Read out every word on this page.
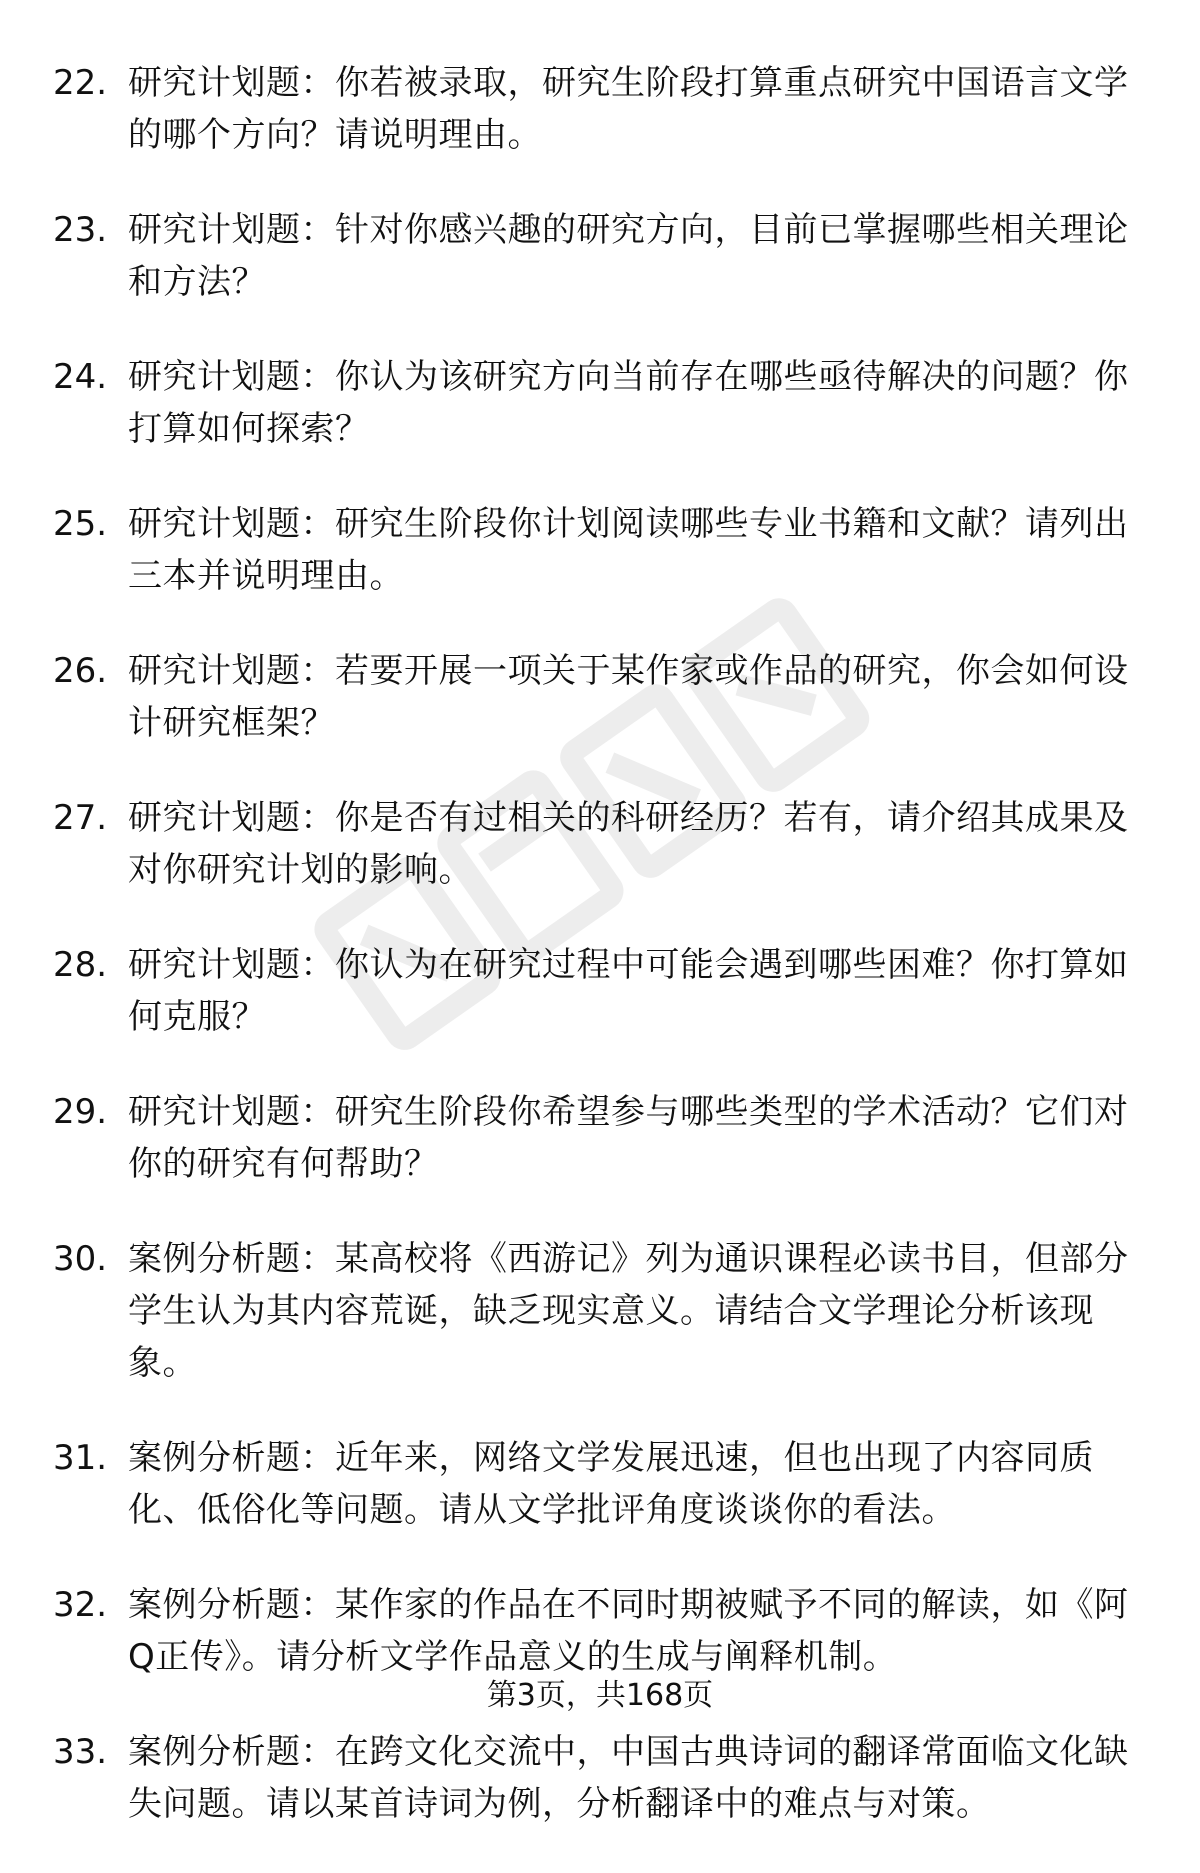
22. 研究计划题：你若被录取，研究生阶段打算重点研究中国语言文学的哪个方向？请说明理由。
23. 研究计划题：针对你感兴趣的研究方向，目前已掌握哪些相关理论和方法？
24. 研究计划题：你认为该研究方向当前存在哪些亟待解决的问题？你打算如何探索？
25. 研究计划题：研究生阶段你计划阅读哪些专业书籍和文献？请列出三本并说明理由。
26. 研究计划题：若要开展一项关于某作家或作品的研究，你会如何设计研究框架？
27. 研究计划题：你是否有过相关的科研经历？若有，请介绍其成果及对你研究计划的影响。
28. 研究计划题：你认为在研究过程中可能会遇到哪些困难？你打算如何克服？
29. 研究计划题：研究生阶段你希望参与哪些类型的学术活动？它们对你的研究有何帮助？
30. 案例分析题：某高校将《西游记》列为通识课程必读书目，但部分学生认为其内容荒诞，缺乏现实意义。请结合文学理论分析该现象。
31. 案例分析题：近年来，网络文学发展迅速，但也出现了内容同质化、低俗化等问题。请从文学批评角度谈谈你的看法。
32. 案例分析题：某作家的作品在不同时期被赋予不同的解读，如《阿Q正传》。请分析文学作品意义的生成与阐释机制。
33. 案例分析题：在跨文化交流中，中国古典诗词的翻译常面临文化缺失问题。请以某首诗词为例，分析翻译中的难点与对策。
第3页，共168页
